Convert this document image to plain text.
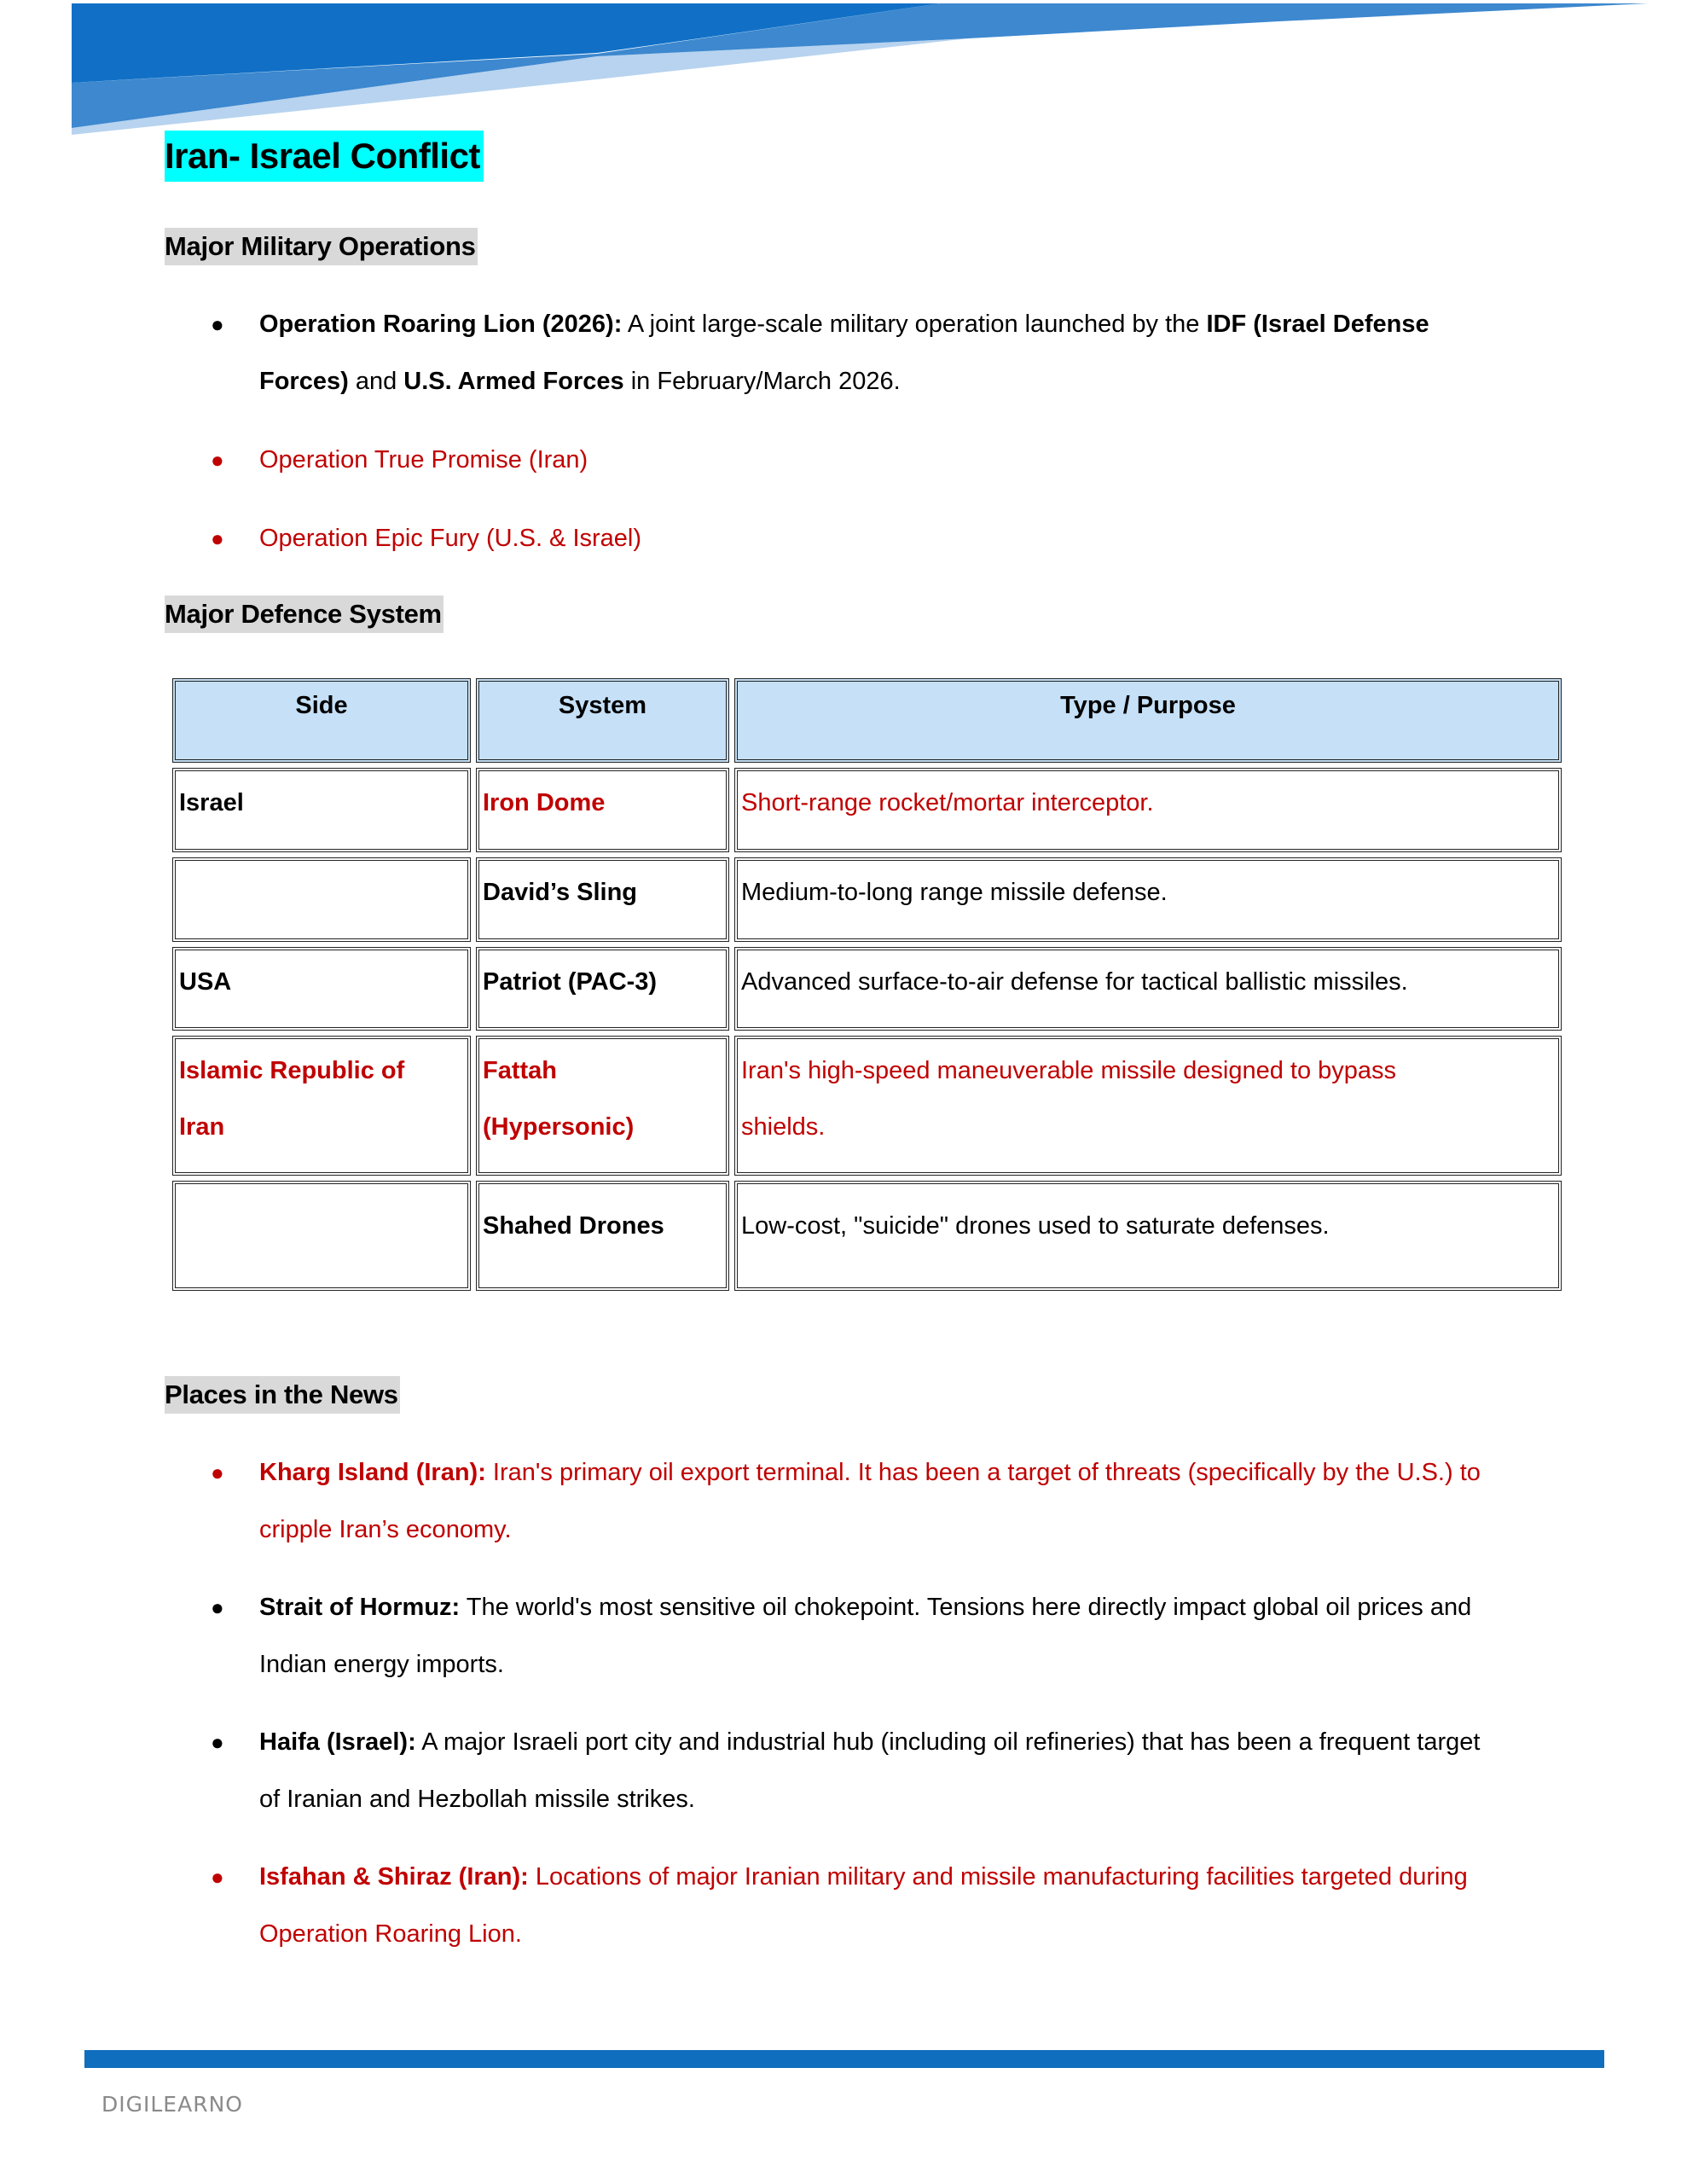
Iran- Israel Conflict
Major Military Operations
● Operation Roaring Lion (2026): A joint large-scale military operation launched by the IDF (Israel Defense Forces) and U.S. Armed Forces in February/March 2026.
● Operation True Promise (Iran)
● Operation Epic Fury (U.S. & Israel)
Major Defence System
Side	System	Type / Purpose
Israel	Iron Dome	Short-range rocket/mortar interceptor.
	David’s Sling	Medium-to-long range missile defense.
USA	Patriot (PAC-3)	Advanced surface-to-air defense for tactical ballistic missiles.
Islamic Republic of Iran	Fattah (Hypersonic)	Iran's high-speed maneuverable missile designed to bypass shields.
	Shahed Drones	Low-cost, "suicide" drones used to saturate defenses.
Places in the News
● Kharg Island (Iran): Iran's primary oil export terminal. It has been a target of threats (specifically by the U.S.) to cripple Iran’s economy.
● Strait of Hormuz: The world's most sensitive oil chokepoint. Tensions here directly impact global oil prices and Indian energy imports.
● Haifa (Israel): A major Israeli port city and industrial hub (including oil refineries) that has been a frequent target of Iranian and Hezbollah missile strikes.
● Isfahan & Shiraz (Iran): Locations of major Iranian military and missile manufacturing facilities targeted during Operation Roaring Lion.
DIGILEARNO
